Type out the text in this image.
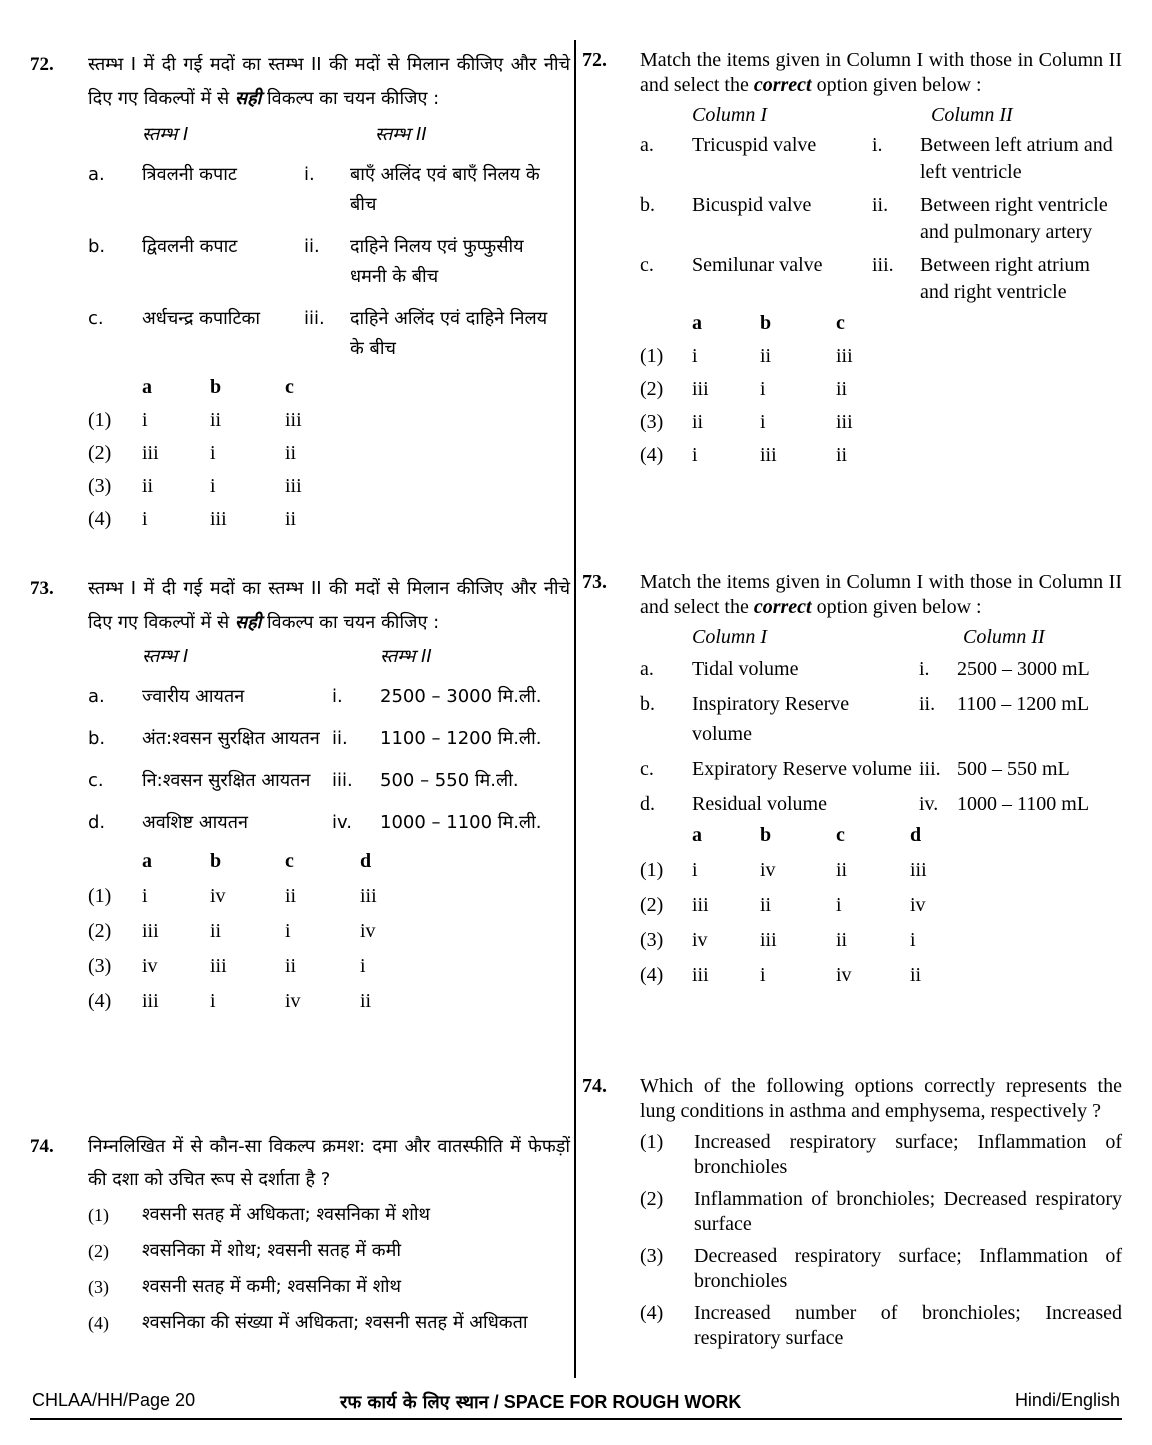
72. स्तम्भ I में दी गई मदों का स्तम्भ II की मदों से मिलान कीजिए और नीचे दिए गए विकल्पों में से सही विकल्प का चयन कीजिए :
स्तम्भ I	स्तम्भ II
a. त्रिवलनी कपाट	i. बाएँ अलिंद एवं बाएँ निलय के बीच
b. द्विवलनी कपाट	ii. दाहिने निलय एवं फुप्फुसीय धमनी के बीच
c. अर्धचन्द्र कपाटिका	iii. दाहिने अलिंद एवं दाहिने निलय के बीच
a	b	c
(1) i	ii	iii
(2) iii	i	ii
(3) ii	i	iii
(4) i	iii	ii
73. स्तम्भ I में दी गई मदों का स्तम्भ II की मदों से मिलान कीजिए और नीचे दिए गए विकल्पों में से सही विकल्प का चयन कीजिए :
स्तम्भ I	स्तम्भ II
a. ज्वारीय आयतन	i. 2500 – 3000 मि.ली.
b. अंत:श्वसन सुरक्षित आयतन ii. 1100 – 1200 मि.ली.
c. नि:श्वसन सुरक्षित आयतन	iii. 500 – 550 मि.ली.
d. अवशिष्ट आयतन	iv. 1000 – 1100 मि.ली.
a	b	c	d
(1) i	iv	ii	iii
(2) iii	ii	i	iv
(3) iv	iii	ii	i
(4) iii	i	iv	ii
74. निम्नलिखित में से कौन-सा विकल्प क्रमश: दमा और वातस्फीति में फेफड़ों की दशा को उचित रूप से दर्शाता है ?
(1) श्वसनी सतह में अधिकता; श्वसनिका में शोथ
(2) श्वसनिका में शोथ; श्वसनी सतह में कमी
(3) श्वसनी सतह में कमी; श्वसनिका में शोथ
(4) श्वसनिका की संख्या में अधिकता; श्वसनी सतह में अधिकता
72. Match the items given in Column I with those in Column II and select the correct option given below :
Column I	Column II
a. Tricuspid valve	i. Between left atrium and left ventricle
b. Bicuspid valve	ii. Between right ventricle and pulmonary artery
c. Semilunar valve	iii. Between right atrium and right ventricle
a	b	c
(1) i	ii	iii
(2) iii	i	ii
(3) ii	i	iii
(4) i	iii	ii
73. Match the items given in Column I with those in Column II and select the correct option given below :
Column I	Column II
a. Tidal volume	i. 2500 – 3000 mL
b. Inspiratory Reserve volume
ii. 1100 – 1200 mL
c. Expiratory Reserve volume iii. 500 – 550 mL
d. Residual volume	iv. 1000 – 1100 mL
a	b	c	d
(1) i	iv	ii	iii
(2) iii	ii	i	iv
(3) iv	iii	ii	i
(4) iii	i	iv	ii
74. Which of the following options correctly represents the lung conditions in asthma and emphysema, respectively ?
(1) Increased respiratory surface; Inflammation of bronchioles
(2) Inflammation of bronchioles; Decreased respiratory surface
(3) Decreased respiratory surface; Inflammation of bronchioles
(4) Increased number of bronchioles; Increased respiratory surface
CHLAA/HH/Page 20	रफ कार्य के लिए स्थान / SPACE FOR ROUGH WORK	Hindi/English
